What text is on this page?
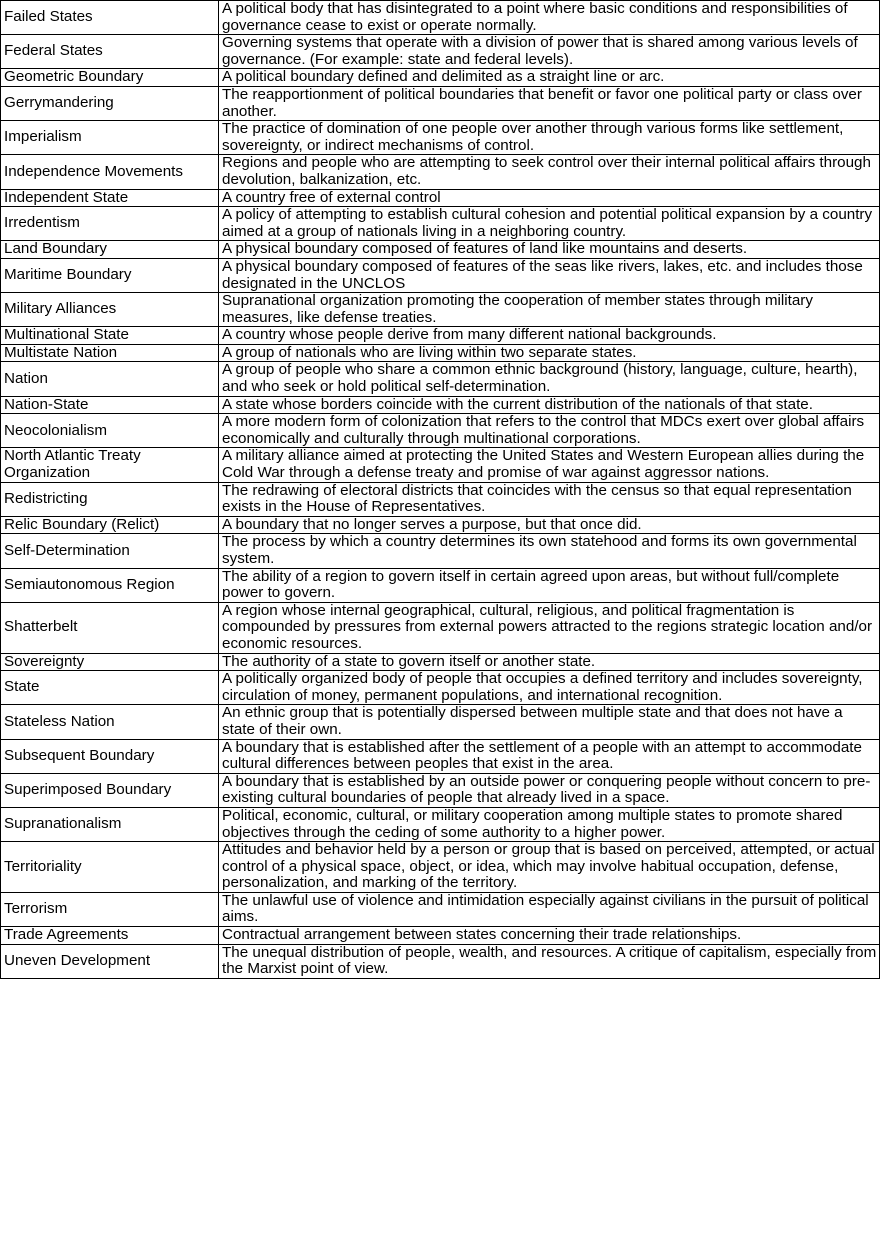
Failed States	A political body that has disintegrated to a point where basic conditions and responsibilities of governance cease to exist or operate normally.
Federal States	Governing systems that operate with a division of power that is shared among various levels of governance. (For example: state and federal levels).
Geometric Boundary	A political boundary defined and delimited as a straight line or arc.
Gerrymandering	The reapportionment of political boundaries that benefit or favor one political party or class over another.
Imperialism	The practice of domination of one people over another through various forms like settlement, sovereignty, or indirect mechanisms of control.
Independence Movements	Regions and people who are attempting to seek control over their internal political affairs through devolution, balkanization, etc.
Independent State	A country free of external control
Irredentism	A policy of attempting to establish cultural cohesion and potential political expansion by a country aimed at a group of nationals living in a neighboring country.
Land Boundary	A physical boundary composed of features of land like mountains and deserts.
Maritime Boundary	A physical boundary composed of features of the seas like rivers, lakes, etc. and includes those designated in the UNCLOS
Military Alliances	Supranational organization promoting the cooperation of member states through military measures, like defense treaties.
Multinational State	A country whose people derive from many different national backgrounds.
Multistate Nation	A group of nationals who are living within two separate states.
Nation	A group of people who share a common ethnic background (history, language, culture, hearth), and who seek or hold political self-determination.
Nation-State	A state whose borders coincide with the current distribution of the nationals of that state.
Neocolonialism	A more modern form of colonization that refers to the control that MDCs exert over global affairs economically and culturally through multinational corporations.
North Atlantic Treaty Organization	A military alliance aimed at protecting the United States and Western European allies during the Cold War through a defense treaty and promise of war against aggressor nations.
Redistricting	The redrawing of electoral districts that coincides with the census so that equal representation exists in the House of Representatives.
Relic Boundary (Relict)	A boundary that no longer serves a purpose, but that once did.
Self-Determination	The process by which a country determines its own statehood and forms its own governmental system.
Semiautonomous Region	The ability of a region to govern itself in certain agreed upon areas, but without full/complete power to govern.
Shatterbelt	A region whose internal geographical, cultural, religious, and political fragmentation is compounded by pressures from external powers attracted to the regions strategic location and/or economic resources.
Sovereignty	The authority of a state to govern itself or another state.
State	A politically organized body of people that occupies a defined territory and includes sovereignty, circulation of money, permanent populations, and international recognition.
Stateless Nation	An ethnic group that is potentially dispersed between multiple state and that does not have a state of their own.
Subsequent Boundary	A boundary that is established after the settlement of a people with an attempt to accommodate cultural differences between peoples that exist in the area.
Superimposed Boundary	A boundary that is established by an outside power or conquering people without concern to pre-existing cultural boundaries of people that already lived in a space.
Supranationalism	Political, economic, cultural, or military cooperation among multiple states to promote shared objectives through the ceding of some authority to a higher power.
Territoriality	Attitudes and behavior held by a person or group that is based on perceived, attempted, or actual control of a physical space, object, or idea, which may involve habitual occupation, defense, personalization, and marking of the territory.
Terrorism	The unlawful use of violence and intimidation especially against civilians in the pursuit of political aims.
Trade Agreements	Contractual arrangement between states concerning their trade relationships.
Uneven Development	The unequal distribution of people, wealth, and resources. A critique of capitalism, especially from the Marxist point of view.
